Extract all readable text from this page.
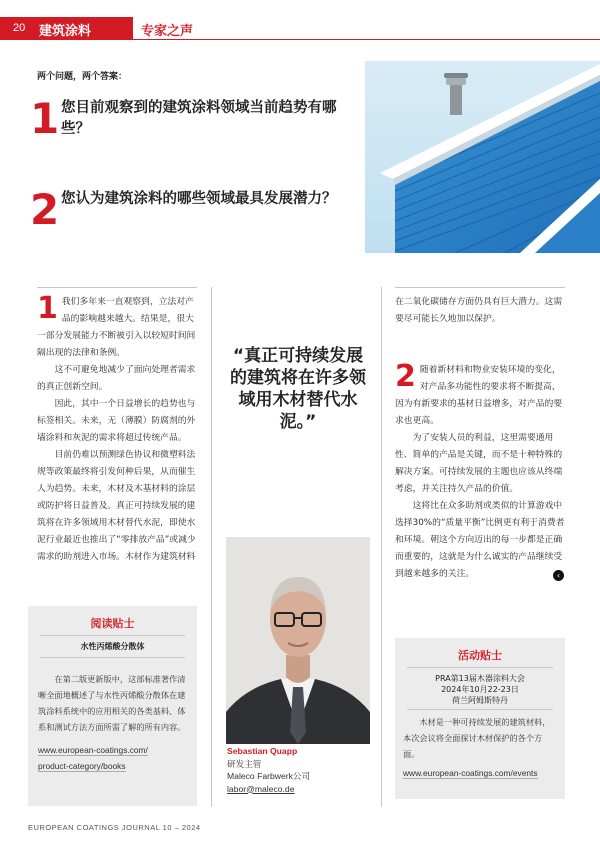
20 建筑涂料	专家之声
两个问题，两个答案：
1 您目前观察到的建筑涂料领域当前趋势有哪些？
2 您认为建筑涂料的哪些领域最具发展潜力？
1 我们多年来一直观察到，立法对产品的影响越来越大。结果是，很大一部分发展能力不断被引入以较短时间间隔出现的法律和条例。

这不可避免地减少了面向处理者需求的真正创新空间。

因此，其中一个日益增长的趋势也与标签相关。未来，无（薄膜）防腐剂的外墙涂料和灰泥的需求将超过传统产品。

目前仍难以预测绿色协议和微塑料法规等政策最终将引发何种后果，从而催生人为趋势。未来，木材及木基材料的涂层或防护将日益普及。真正可持续发展的建筑将在许多领域用木材替代水泥，即使水泥行业最近也推出了“零排放产品”或减少需求的助剂进入市场。木材作为建筑材料

“真正可持续发展的建筑将在许多领域用木材替代水泥。”
Sebastian Quapp
研发主管
Maleco Farbwerk公司
labor@maleco.de
在二氧化碳储存方面仍具有巨大潜力。这需要尽可能长久地加以保护。
2 随着新材料和物业安装环境的变化，对产品多功能性的要求将不断提高，因为有新要求的基材日益增多，对产品的要求也更高。

为了安装人员的利益，这里需要通用性、简单的产品是关键，而不是十种特殊的解决方案。可持续发展的主题也应该从终端考虑，并关注持久产品的价值。

这将比在众多助剂或类似的计算游戏中选择30%的“质量平衡”比例更有利于消费者和环境。朝这个方向迈出的每一步都是正确而重要的，这就是为什么诚实的产品继续受到越来越多的关注。	‹
阅读贴士
水性丙烯酸分散体
在第二版更新版中，这部标准著作清晰全面地概述了与水性丙烯酸分散体在建筑涂料系统中的应用相关的各类基料、体系和测试方法方面所需了解的所有内容。
www.european-coatings.com/
product-category/books
活动贴士
PRA第13届木器涂料大会
2024年10月22-23日
荷兰阿姆斯特丹
木材是一种可持续发展的建筑材料，本次会议将全面探讨木材保护的各个方面。
www.european-coatings.com/events
EUROPEAN COATINGS JOURNAL 10 – 2024
